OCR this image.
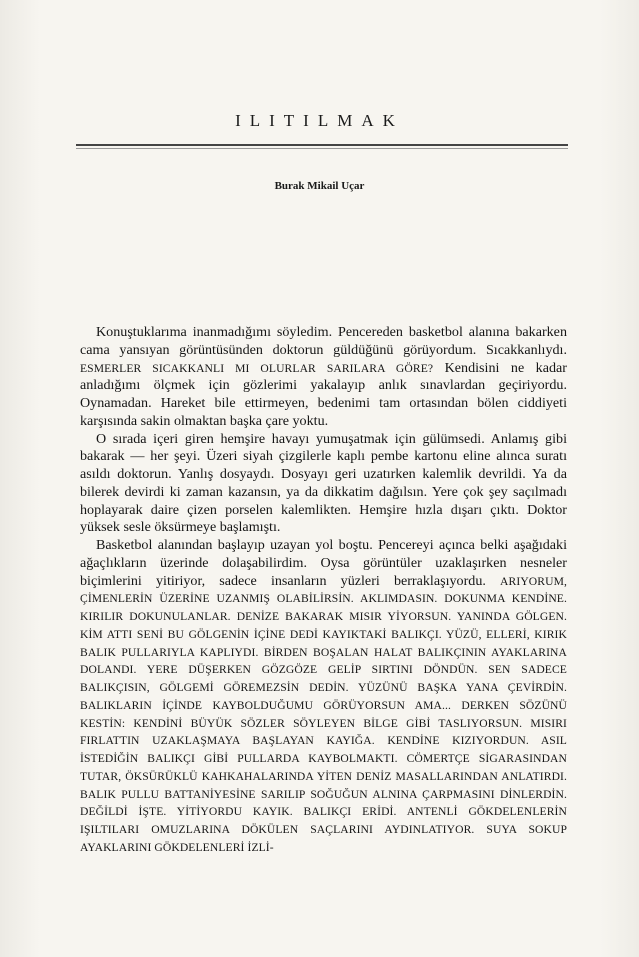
ILITILMAK
Burak Mikail Uçar

Konuştuklarıma inanmadığımı söyledim. Pencereden basketbol alanına bakarken cama yansıyan görüntüsünden doktorun güldüğünü görüyordum. Sıcakkanlıydı. ESMERLER SICAKKANLI MI OLURLAR SARILARA GÖRE? Kendisini ne kadar anladığımı ölçmek için gözlerimi yakalayıp anlık sınavlardan geçiriyordu. Oynamadan. Hareket bile ettirmeyen, bedenimi tam ortasından bölen ciddiyeti karşısında sakin olmaktan başka çare yoktu.

O sırada içeri giren hemşire havayı yumuşatmak için gülümsedi. Anlamış gibi bakarak — her şeyi. Üzeri siyah çizgilerle kaplı pembe kartonu eline alınca suratı asıldı doktorun. Yanlış dosyaydı. Dosyayı geri uzatırken kalemlik devrildi. Ya da bilerek devirdi ki zaman kazansın, ya da dikkatim dağılsın. Yere çok şey saçılmadı hoplayarak daire çizen porselen kalemlikten. Hemşire hızla dışarı çıktı. Doktor yüksek sesle öksürmeye başlamıştı.

Basketbol alanından başlayıp uzayan yol boştu. Pencereyi açınca belki aşağıdaki ağaçlıkların üzerinde dolaşabilirdim. Oysa görüntüler uzaklaşırken nesneler biçimlerini yitiriyor, sadece insanların yüzleri berraklaşıyordu. ARIYORUM, ÇİMENLERİN ÜZERİNE UZANMIŞ OLABİLİRSİN. AKLIMDASIN. DOKUNMA KENDİNE. KIRILIR DOKUNULANLAR. DENİZE BAKARAK MISIR YİYORSUN. YANINDA GÖLGEN. KİM ATTI SENİ BU GÖLGENİN İÇİNE DEDİ KAYIKTAKİ BALIKÇI. YÜZÜ, ELLERİ, KIRIK BALIK PULLARIYLA KAPLIYDI. BİRDEN BOŞALAN HALAT BALIKÇININ AYAKLARINA DOLANDI. YERE DÜŞERKEN GÖZGÖZE GELİP SIRTINI DÖNDÜN. SEN SADECE BALIKÇISIN, GÖLGEMİ GÖREMEZSİN DEDİN. YÜZÜNÜ BAŞKA YANA ÇEVİRDİN. BALIKLARIN İÇİNDE KAYBOLDUĞUMU GÖRÜYORSUN AMA... DERKEN SÖZÜNÜ KESTİN: KENDİNİ BÜYÜK SÖZLER SÖYLEYEN BİLGE GİBİ TASLIYORSUN. MISIRI FIRLATTIN UZAKLAŞMAYA BAŞLAYAN KAYIĞA. KENDİNE KIZIYORDUN. ASIL İSTEDİĞİN BALIKÇI GİBİ PULLARDA KAYBOLMAKTI. CÖMERTÇE SİGARASINDAN TUTAR, ÖKSÜRÜKLÜ KAHKAHALARINDA YİTEN DENİZ MASALLARINDAN ANLATIRDI. BALIK PULLU BATTANİYESİNE SARILIP SOĞUĞUN ALNINA ÇARPMASINI DİNLERDİN. DEĞİLDİ İŞTE. YİTİYORDU KAYIK. BALIKÇI ERİDİ. ANTENLİ GÖKDELENLERİN IŞILTILARI OMUZLARINA DÖKÜLEN SAÇLARINI AYDINLATIYOR. SUYA SOKUP AYAKLARINI GÖKDELENLERİ İZLİ-
